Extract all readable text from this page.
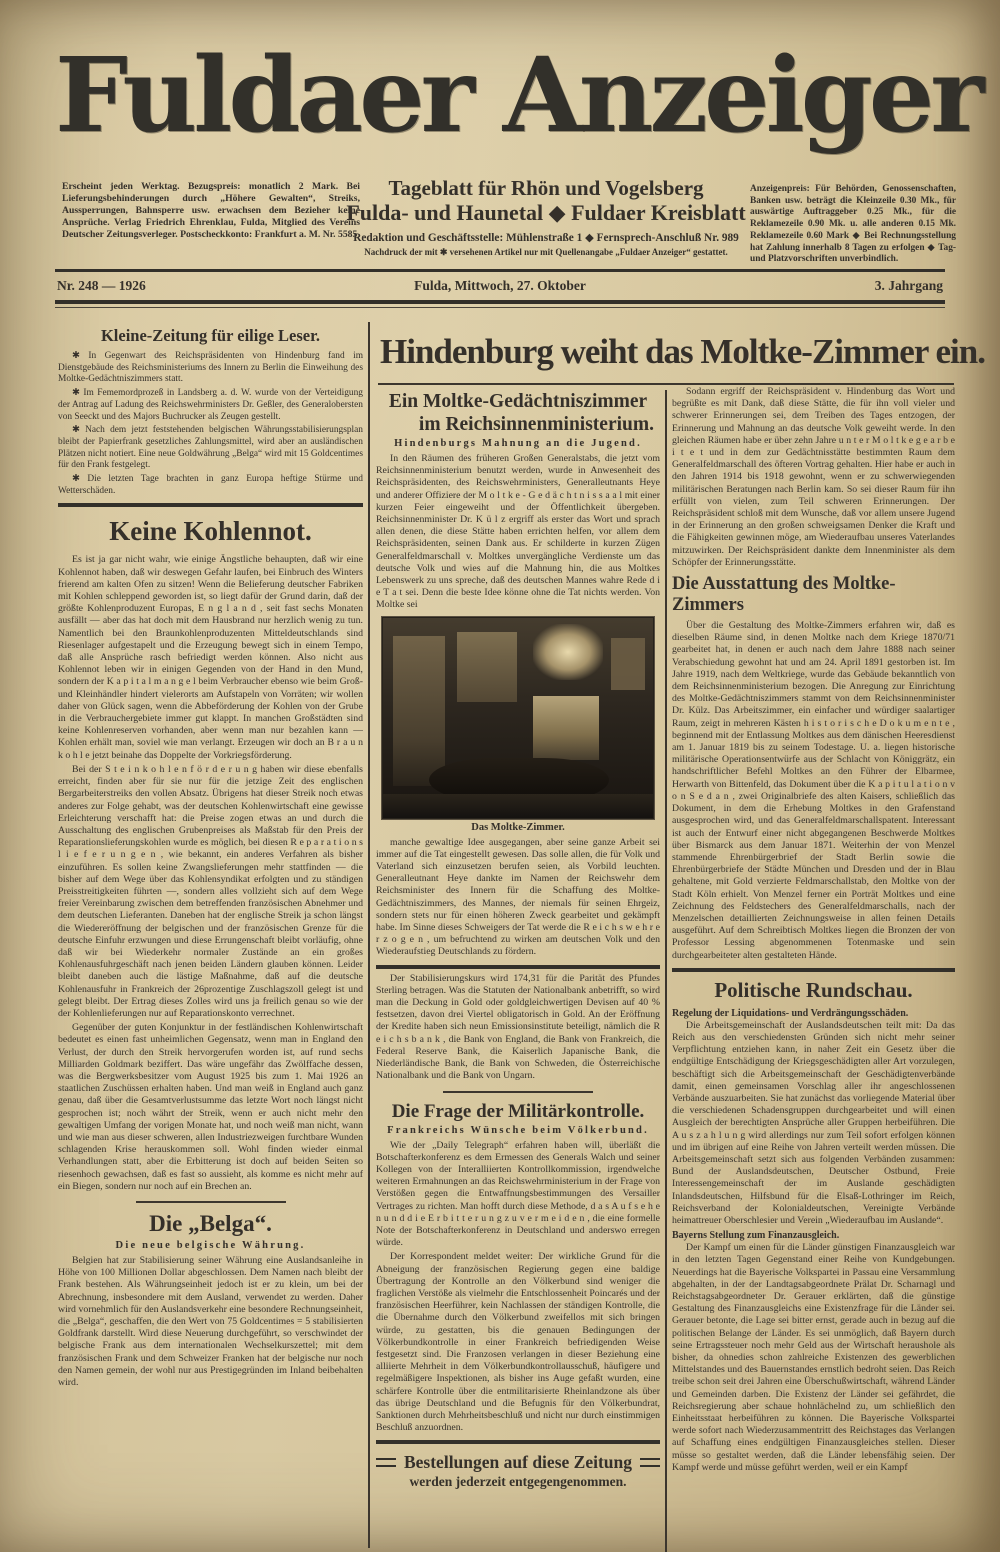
Fuldaer Anzeiger
Erscheint jeden Werktag. Bezugspreis: monatlich 2 Mark. Bei Lieferungsbehinderungen durch „Höhere Gewalten“, Streiks, Aussperrungen, Bahnsperre usw. erwachsen dem Bezieher keine Ansprüche. Verlag Friedrich Ehrenklau, Fulda, Mitglied des Vereins Deutscher Zeitungsverleger. Postscheckkonto: Frankfurt a. M. Nr. 5585
Tageblatt für Rhön und Vogelsberg
Fulda- und Haunetal ◆ Fuldaer Kreisblatt
Redaktion und Geschäftsstelle: Mühlenstraße 1 ◆ Fernsprech-Anschluß Nr. 989
Nachdruck der mit ✱ versehenen Artikel nur mit Quellenangabe „Fuldaer Anzeiger“ gestattet.
Anzeigenpreis: Für Behörden, Genossenschaften, Banken usw. beträgt die Kleinzeile 0.30 Mk., für auswärtige Auftraggeber 0.25 Mk., für die Reklamezeile 0.90 Mk. u. alle anderen 0.15 Mk. Reklamezeile 0.60 Mark ◆ Bei Rechnungsstellung hat Zahlung innerhalb 8 Tagen zu erfolgen ◆ Tag- und Platzvorschriften unverbindlich.
Nr. 248 — 1926	Fulda, Mittwoch, 27. Oktober	3. Jahrgang
Kleine-Zeitung für eilige Leser.

✱ In Gegenwart des Reichspräsidenten von Hindenburg fand im Dienstgebäude des Reichsministeriums des Innern zu Berlin die Einweihung des Moltke-Gedächtniszimmers statt.

✱ Im Fememordprozeß in Landsberg a. d. W. wurde von der Verteidigung der Antrag auf Ladung des Reichswehrministers Dr. Geßler, des Generalobersten von Seeckt und des Majors Buchrucker als Zeugen gestellt.

✱ Nach dem jetzt feststehenden belgischen Währungsstabilisierungsplan bleibt der Papierfrank gesetzliches Zahlungsmittel, wird aber an ausländischen Plätzen nicht notiert. Eine neue Goldwährung „Belga“ wird mit 15 Goldcentimes für den Frank festgelegt.

✱ Die letzten Tage brachten in ganz Europa heftige Stürme und Wetterschäden.

Keine Kohlennot.

Es ist ja gar nicht wahr, wie einige Ängstliche behaupten, daß wir eine Kohlennot haben, daß wir deswegen Gefahr laufen, bei Einbruch des Winters frierend am kalten Ofen zu sitzen! Wenn die Belieferung deutscher Fabriken mit Kohlen schleppend geworden ist, so liegt dafür der Grund darin, daß der größte Kohlenproduzent Europas, E n g l a n d , seit fast sechs Monaten ausfällt — aber das hat doch mit dem Hausbrand nur herzlich wenig zu tun. Namentlich bei den Braunkohlenproduzenten Mitteldeutschlands sind Riesenlager aufgestapelt und die Erzeugung bewegt sich in einem Tempo, daß alle Ansprüche rasch befriedigt werden können. Also nicht aus Kohlennot leben wir in einigen Gegenden von der Hand in den Mund, sondern der K a p i t a l m a n g e l beim Verbraucher ebenso wie beim Groß- und Kleinhändler hindert vielerorts am Aufstapeln von Vorräten; wir wollen daher von Glück sagen, wenn die Abbeförderung der Kohlen von der Grube in die Verbrauchergebiete immer gut klappt. In manchen Großstädten sind keine Kohlenreserven vorhanden, aber wenn man nur bezahlen kann — Kohlen erhält man, soviel wie man verlangt. Erzeugen wir doch an B r a u n k o h l e jetzt beinahe das Doppelte der Vorkriegsförderung.

Bei der S t e i n k o h l e n f ö r d e r u n g haben wir diese ebenfalls erreicht, finden aber für sie nur für die jetzige Zeit des englischen Bergarbeiterstreiks den vollen Absatz. Übrigens hat dieser Streik noch etwas anderes zur Folge gehabt, was der deutschen Kohlenwirtschaft eine gewisse Erleichterung verschafft hat: die Preise zogen etwas an und durch die Ausschaltung des englischen Grubenpreises als Maßstab für den Preis der Reparationslieferungskohlen wurde es möglich, bei diesen R e p a r a t i o n s l i e f e r u n g e n , wie bekannt, ein anderes Verfahren als bisher einzuführen. Es sollen keine Zwangslieferungen mehr stattfinden — die bisher auf dem Wege über das Kohlensyndikat erfolgten und zu ständigen Preisstreitigkeiten führten —, sondern alles vollzieht sich auf dem Wege freier Vereinbarung zwischen dem betreffenden französischen Abnehmer und dem deutschen Lieferanten. Daneben hat der englische Streik ja schon längst die Wiedereröffnung der belgischen und der französischen Grenze für die deutsche Einfuhr erzwungen und diese Errungenschaft bleibt vorläufig, ohne daß wir bei Wiederkehr normaler Zustände an ein großes Kohlenausfuhrgeschäft nach jenen beiden Ländern glauben können. Leider bleibt daneben auch die lästige Maßnahme, daß auf die deutsche Kohlenausfuhr in Frankreich der 26prozentige Zuschlagszoll gelegt ist und gelegt bleibt. Der Ertrag dieses Zolles wird uns ja freilich genau so wie der der Kohlenlieferungen nur auf Reparationskonto verrechnet.

Gegenüber der guten Konjunktur in der festländischen Kohlenwirtschaft bedeutet es einen fast unheimlichen Gegensatz, wenn man in England den Verlust, der durch den Streik hervorgerufen worden ist, auf rund sechs Milliarden Goldmark beziffert. Das wäre ungefähr das Zwölffache dessen, was die Bergwerksbesitzer vom August 1925 bis zum 1. Mai 1926 an staatlichen Zuschüssen erhalten haben. Und man weiß in England auch ganz genau, daß über die Gesamtverlustsumme das letzte Wort noch längst nicht gesprochen ist; noch währt der Streik, wenn er auch nicht mehr den gewaltigen Umfang der vorigen Monate hat, und noch weiß man nicht, wann und wie man aus dieser schweren, allen Industriezweigen furchtbare Wunden schlagenden Krise herauskommen soll. Wohl finden wieder einmal Verhandlungen statt, aber die Erbitterung ist doch auf beiden Seiten so riesenhoch gewachsen, daß es fast so aussieht, als komme es nicht mehr auf ein Biegen, sondern nur noch auf ein Brechen an.

Die „Belga“.
Die neue belgische Währung.

Belgien hat zur Stabilisierung seiner Währung eine Auslandsanleihe in Höhe von 100 Millionen Dollar abgeschlossen. Dem Namen nach bleibt der Frank bestehen. Als Währungseinheit jedoch ist er zu klein, um bei der Abrechnung, insbesondere mit dem Ausland, verwendet zu werden. Daher wird vornehmlich für den Auslandsverkehr eine besondere Rechnungseinheit, die „Belga“, geschaffen, die den Wert von 75 Goldcentimes = 5 stabilisierten Goldfrank darstellt. Wird diese Neuerung durchgeführt, so verschwindet der belgische Frank aus dem internationalen Wechselkurszettel; mit dem französischen Frank und dem Schweizer Franken hat der belgische nur noch den Namen gemein, der wohl nur aus Prestigegründen im Inland beibehalten wird.

Hindenburg weiht das Moltke-Zimmer ein.
Ein Moltke-Gedächtniszimmer
im Reichsinnenministerium.
Hindenburgs Mahnung an die Jugend.

In den Räumen des früheren Großen Generalstabs, die jetzt vom Reichsinnenministerium benutzt werden, wurde in Anwesenheit des Reichspräsidenten, des Reichswehrministers, Generalleutnants Heye und anderer Offiziere der M o l t k e - G e d ä c h t n i s s a a l mit einer kurzen Feier eingeweiht und der Öffentlichkeit übergeben. Reichsinnenminister Dr. K ü l z ergriff als erster das Wort und sprach allen denen, die diese Stätte haben errichten helfen, vor allem dem Reichspräsidenten, seinen Dank aus. Er schilderte in kurzen Zügen Generalfeldmarschall v. Moltkes unvergängliche Verdienste um das deutsche Volk und wies auf die Mahnung hin, die aus Moltkes Lebenswerk zu uns spreche, daß des deutschen Mannes wahre Rede d i e T a t sei. Denn die beste Idee könne ohne die Tat nichts werden. Von Moltke sei

Das Moltke-Zimmer.

manche gewaltige Idee ausgegangen, aber seine ganze Arbeit sei immer auf die Tat eingestellt gewesen. Das solle allen, die für Volk und Vaterland sich einzusetzen berufen seien, als Vorbild leuchten. Generalleutnant Heye dankte im Namen der Reichswehr dem Reichsminister des Innern für die Schaffung des Moltke-Gedächtniszimmers, des Mannes, der niemals für seinen Ehrgeiz, sondern stets nur für einen höheren Zweck gearbeitet und gekämpft habe. Im Sinne dieses Schweigers der Tat werde die R e i c h s w e h r e r z o g e n , um befruchtend zu wirken am deutschen Volk und den Wiederaufstieg Deutschlands zu fördern.

Der Stabilisierungskurs wird 174,31 für die Parität des Pfundes Sterling betragen. Was die Statuten der Nationalbank anbetrifft, so wird man die Deckung in Gold oder goldgleichwertigen Devisen auf 40 % festsetzen, davon drei Viertel obligatorisch in Gold. An der Eröffnung der Kredite haben sich neun Emissionsinstitute beteiligt, nämlich die R e i c h s b a n k , die Bank von England, die Bank von Frankreich, die Federal Reserve Bank, die Kaiserlich Japanische Bank, die Niederländische Bank, die Bank von Schweden, die Österreichische Nationalbank und die Bank von Ungarn.

Die Frage der Militärkontrolle.
Frankreichs Wünsche beim Völkerbund.

Wie der „Daily Telegraph“ erfahren haben will, überläßt die Botschafterkonferenz es dem Ermessen des Generals Walch und seiner Kollegen von der Interalliierten Kontrollkommission, irgendwelche weiteren Ermahnungen an das Reichswehrministerium in der Frage von Verstößen gegen die Entwaffnungsbestimmungen des Versailler Vertrages zu richten. Man hofft durch diese Methode, d a s A u f s e h e n u n d d i e E r b i t t e r u n g z u v e r m e i d e n , die eine formelle Note der Botschafterkonferenz in Deutschland und anderswo erregen würde.

Der Korrespondent meldet weiter: Der wirkliche Grund für die Abneigung der französischen Regierung gegen eine baldige Übertragung der Kontrolle an den Völkerbund sind weniger die fraglichen Verstöße als vielmehr die Entschlossenheit Poincarés und der französischen Heerführer, kein Nachlassen der ständigen Kontrolle, die die Übernahme durch den Völkerbund zweifellos mit sich bringen würde, zu gestatten, bis die genauen Bedingungen der Völkerbundkontrolle in einer Frankreich befriedigenden Weise festgesetzt sind. Die Franzosen verlangen in dieser Beziehung eine alliierte Mehrheit in dem Völkerbundkontrollausschuß, häufigere und regelmäßigere Inspektionen, als bisher ins Auge gefaßt wurden, eine schärfere Kontrolle über die entmilitarisierte Rheinlandzone als über das übrige Deutschland und die Befugnis für den Völkerbundrat, Sanktionen durch Mehrheitsbeschluß und nicht nur durch einstimmigen Beschluß anzuordnen.

Bestellungen auf diese Zeitung
werden jederzeit entgegengenommen.

Sodann ergriff der Reichspräsident v. Hindenburg das Wort und begrüßte es mit Dank, daß diese Stätte, die für ihn voll vieler und schwerer Erinnerungen sei, dem Treiben des Tages entzogen, der Erinnerung und Mahnung an das deutsche Volk geweiht werde. In den gleichen Räumen habe er über zehn Jahre u n t e r M o l t k e g e a r b e i t e t und in dem zur Gedächtnisstätte bestimmten Raum dem Generalfeldmarschall des öfteren Vortrag gehalten. Hier habe er auch in den Jahren 1914 bis 1918 gewohnt, wenn er zu schwerwiegenden militärischen Beratungen nach Berlin kam. So sei dieser Raum für ihn erfüllt von vielen, zum Teil schweren Erinnerungen. Der Reichspräsident schloß mit dem Wunsche, daß vor allem unsere Jugend in der Erinnerung an den großen schweigsamen Denker die Kraft und die Fähigkeiten gewinnen möge, am Wiederaufbau unseres Vaterlandes mitzuwirken. Der Reichspräsident dankte dem Innenminister als dem Schöpfer der Erinnerungsstätte.

Die Ausstattung des Moltke-Zimmers

Über die Gestaltung des Moltke-Zimmers erfahren wir, daß es dieselben Räume sind, in denen Moltke nach dem Kriege 1870/71 gearbeitet hat, in denen er auch nach dem Jahre 1888 nach seiner Verabschiedung gewohnt hat und am 24. April 1891 gestorben ist. Im Jahre 1919, nach dem Weltkriege, wurde das Gebäude bekanntlich von dem Reichsinnenministerium bezogen. Die Anregung zur Einrichtung des Moltke-Gedächtniszimmers stammt von dem Reichsinnenminister Dr. Külz. Das Arbeitszimmer, ein einfacher und würdiger saalartiger Raum, zeigt in mehreren Kästen h i s t o r i s c h e D o k u m e n t e , beginnend mit der Entlassung Moltkes aus dem dänischen Heeresdienst am 1. Januar 1819 bis zu seinem Todestage. U. a. liegen historische militärische Operationsentwürfe aus der Schlacht von Königgrätz, ein handschriftlicher Befehl Moltkes an den Führer der Elbarmee, Herwarth von Bittenfeld, das Dokument über die K a p i t u l a t i o n v o n S e d a n , zwei Originalbriefe des alten Kaisers, schließlich das Dokument, in dem die Erhebung Moltkes in den Grafenstand ausgesprochen wird, und das Generalfeldmarschallspatent. Interessant ist auch der Entwurf einer nicht abgegangenen Beschwerde Moltkes über Bismarck aus dem Januar 1871. Weiterhin der von Menzel stammende Ehrenbürgerbrief der Stadt Berlin sowie die Ehrenbürgerbriefe der Städte München und Dresden und der in Blau gehaltene, mit Gold verzierte Feldmarschallstab, den Moltke von der Stadt Köln erhielt. Von Menzel ferner ein Porträt Moltkes und eine Zeichnung des Feldstechers des Generalfeldmarschalls, nach der Menzelschen detaillierten Zeichnungsweise in allen feinen Details ausgeführt. Auf dem Schreibtisch Moltkes liegen die Bronzen der von Professor Lessing abgenommenen Totenmaske und sein durchgearbeiteter alten gestalteten Hände.

Politische Rundschau.
Regelung der Liquidations- und Verdrängungsschäden.

Die Arbeitsgemeinschaft der Auslandsdeutschen teilt mit: Da das Reich aus den verschiedensten Gründen sich nicht mehr seiner Verpflichtung entziehen kann, in naher Zeit ein Gesetz über die endgültige Entschädigung der Kriegsgeschädigten aller Art vorzulegen, beschäftigt sich die Arbeitsgemeinschaft der Geschädigtenverbände damit, einen gemeinsamen Vorschlag aller ihr angeschlossenen Verbände auszuarbeiten. Sie hat zunächst das vorliegende Material über die verschiedenen Schadensgruppen durchgearbeitet und will einen Ausgleich der berechtigten Ansprüche aller Gruppen herbeiführen. Die A u s z a h l u n g wird allerdings nur zum Teil sofort erfolgen können und im übrigen auf eine Reihe von Jahren verteilt werden müssen. Die Arbeitsgemeinschaft setzt sich aus folgenden Verbänden zusammen: Bund der Auslandsdeutschen, Deutscher Ostbund, Freie Interessengemeinschaft der im Auslande geschädigten Inlandsdeutschen, Hilfsbund für die Elsaß-Lothringer im Reich, Reichsverband der Kolonialdeutschen, Vereinigte Verbände heimattreuer Oberschlesier und Verein „Wiederaufbau im Auslande“.

Bayerns Stellung zum Finanzausgleich.

Der Kampf um einen für die Länder günstigen Finanzausgleich war in den letzten Tagen Gegenstand einer Reihe von Kundgebungen. Neuerdings hat die Bayerische Volkspartei in Passau eine Versammlung abgehalten, in der der Landtagsabgeordnete Prälat Dr. Scharnagl und Reichstagsabgeordneter Dr. Gerauer erklärten, daß die günstige Gestaltung des Finanzausgleichs eine Existenzfrage für die Länder sei. Gerauer betonte, die Lage sei bitter ernst, gerade auch in bezug auf die politischen Belange der Länder. Es sei unmöglich, daß Bayern durch seine Ertragssteuer noch mehr Geld aus der Wirtschaft heraushole als bisher, da ohnedies schon zahlreiche Existenzen des gewerblichen Mittelstandes und des Bauernstandes ernstlich bedroht seien. Das Reich treibe schon seit drei Jahren eine Überschußwirtschaft, während Länder und Gemeinden darben. Die Existenz der Länder sei gefährdet, die Reichsregierung aber schaue hohnlächelnd zu, um schließlich den Einheitsstaat herbeiführen zu können. Die Bayerische Volkspartei werde sofort nach Wiederzusammentritt des Reichstages das Verlangen auf Schaffung eines endgültigen Finanzausgleiches stellen. Dieser müsse so gestaltet werden, daß die Länder lebensfähig seien. Der Kampf werde und müsse geführt werden, weil er ein Kampf
